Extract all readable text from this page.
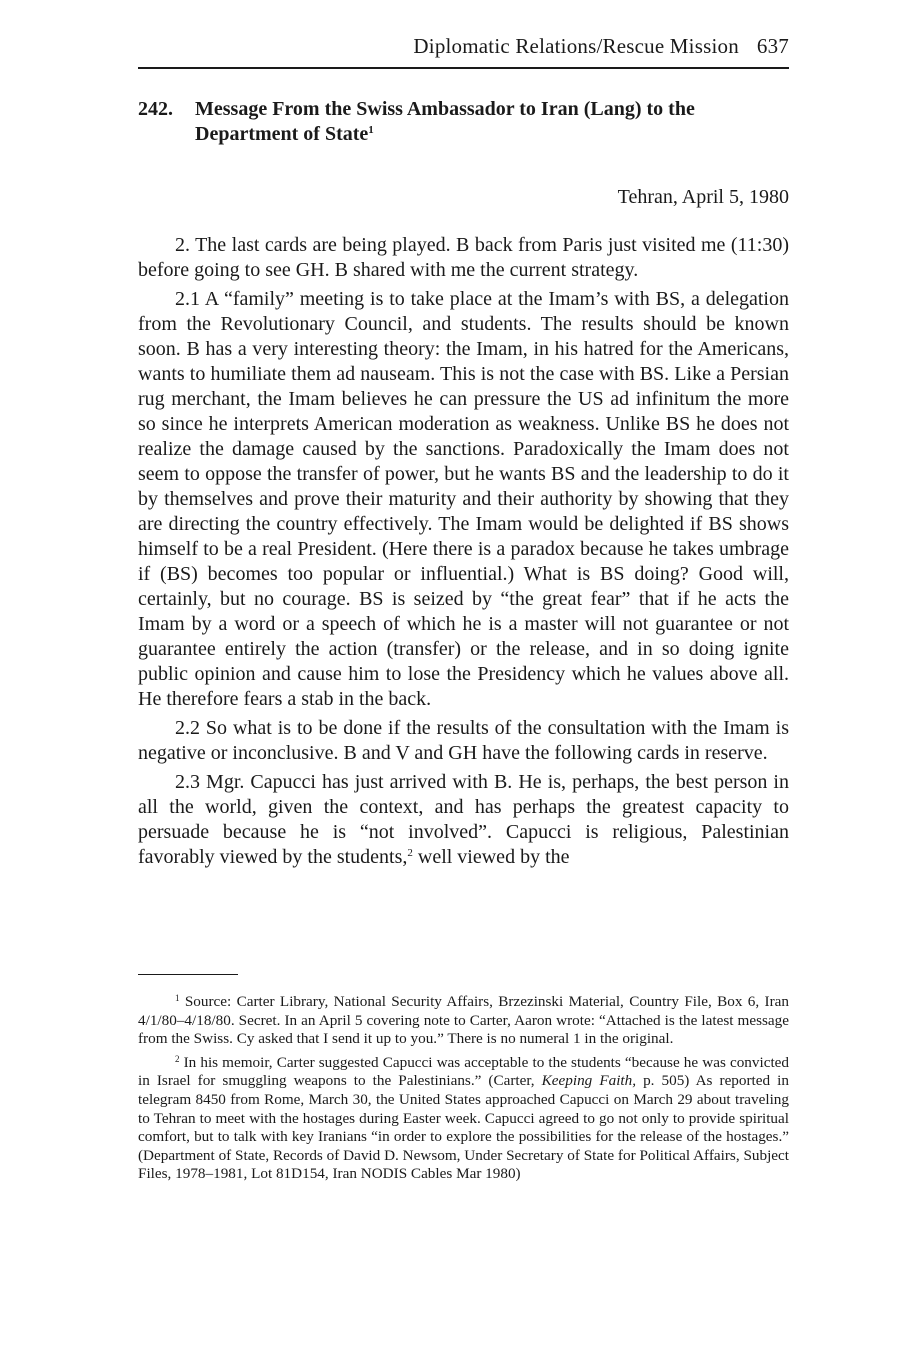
Diplomatic Relations/Rescue Mission 637
242. Message From the Swiss Ambassador to Iran (Lang) to the Department of State$^1$
Tehran, April 5, 1980

2. The last cards are being played. B back from Paris just visited me (11:30) before going to see GH. B shared with me the current strategy.

2.1 A “family” meeting is to take place at the Imam’s with BS, a delegation from the Revolutionary Council, and students. The results should be known soon. B has a very interesting theory: the Imam, in his hatred for the Americans, wants to humiliate them ad nauseam. This is not the case with BS. Like a Persian rug merchant, the Imam believes he can pressure the US ad infinitum the more so since he interprets American moderation as weakness. Unlike BS he does not realize the damage caused by the sanctions. Paradoxically the Imam does not seem to oppose the transfer of power, but he wants BS and the leadership to do it by themselves and prove their maturity and their authority by showing that they are directing the country effectively. The Imam would be delighted if BS shows himself to be a real President. (Here there is a paradox because he takes umbrage if (BS) becomes too popular or influential.) What is BS doing? Good will, certainly, but no courage. BS is seized by “the great fear” that if he acts the Imam by a word or a speech of which he is a master will not guarantee or not guarantee entirely the action (transfer) or the release, and in so doing ignite public opinion and cause him to lose the Presidency which he values above all. He therefore fears a stab in the back.

2.2 So what is to be done if the results of the consultation with the Imam is negative or inconclusive. B and V and GH have the following cards in reserve.

2.3 Mgr. Capucci has just arrived with B. He is, perhaps, the best person in all the world, given the context, and has perhaps the greatest capacity to persuade because he is “not involved”. Capucci is religious, Palestinian favorably viewed by the students,$^2$ well viewed by the

$^1$ Source: Carter Library, National Security Affairs, Brzezinski Material, Country File, Box 6, Iran 4/1/80–4/18/80. Secret. In an April 5 covering note to Carter, Aaron wrote: “Attached is the latest message from the Swiss. Cy asked that I send it up to you.” There is no numeral 1 in the original.

$^2$ In his memoir, Carter suggested Capucci was acceptable to the students “because he was convicted in Israel for smuggling weapons to the Palestinians.” (Carter, Keeping Faith, p. 505) As reported in telegram 8450 from Rome, March 30, the United States approached Capucci on March 29 about traveling to Tehran to meet with the hostages during Easter week. Capucci agreed to go not only to provide spiritual comfort, but to talk with key Iranians “in order to explore the possibilities for the release of the hostages.” (Department of State, Records of David D. Newsom, Under Secretary of State for Political Affairs, Subject Files, 1978–1981, Lot 81D154, Iran NODIS Cables Mar 1980)
